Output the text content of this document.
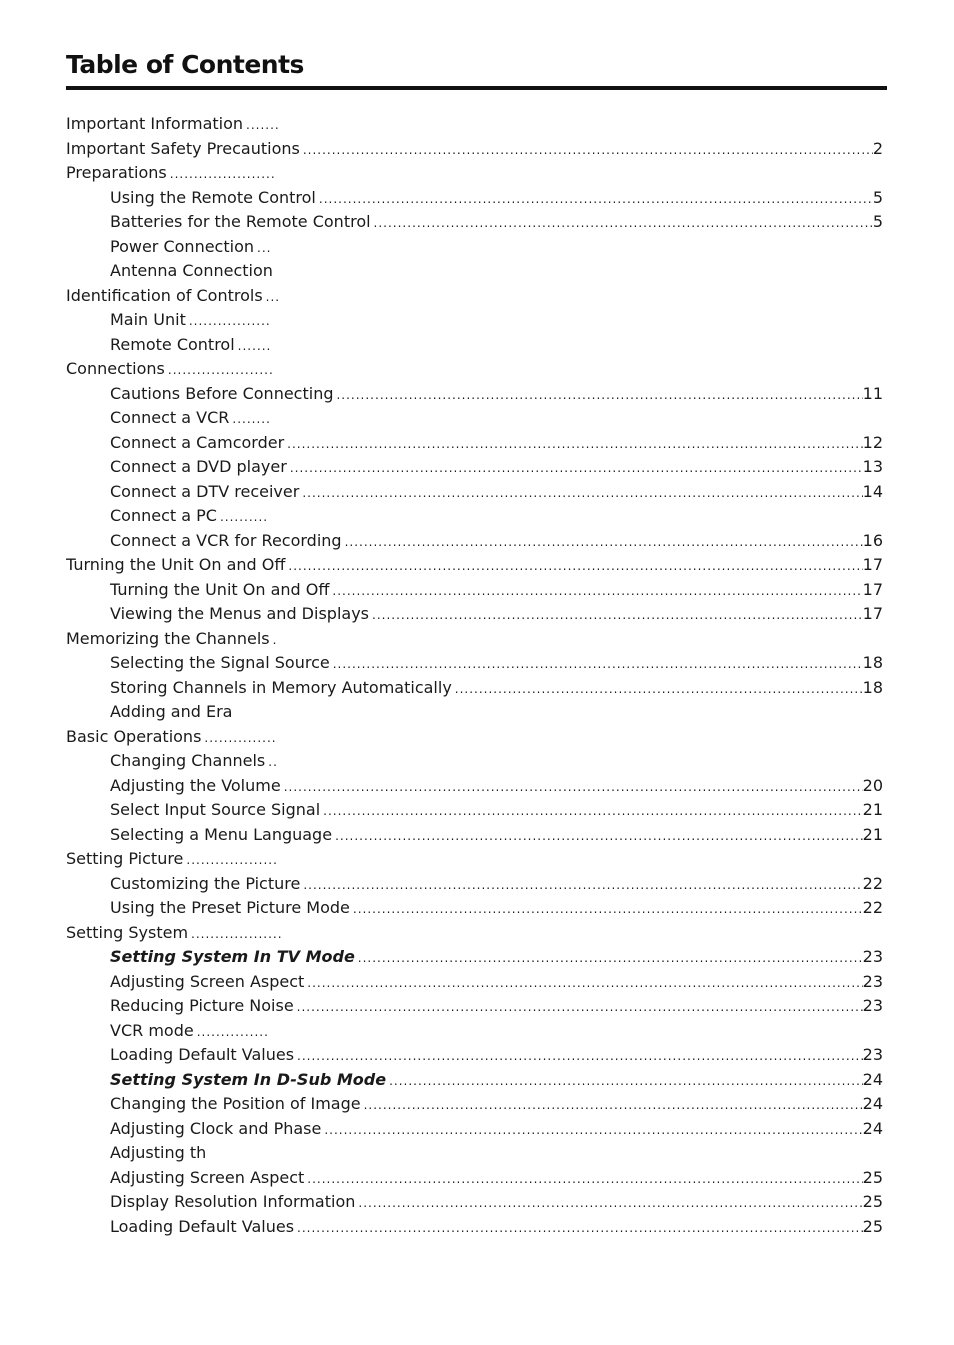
Table of Contents
Important Information .......
Important Safety Precautions .....	2
Preparations ......................
Using the Remote Control .....	5
Batteries for the Remote Control .....	5
Power Connection ...
Antenna Connection
Identification of Controls ...
Main Unit .................
Remote Control .......
Connections ......................
Cautions Before Connecting .....	11
Connect a VCR ........
Connect a Camcorder .....	12
Connect a DVD player .....	13
Connect a DTV receiver .....	14
Connect a PC ..........
Connect a VCR for Recording .....	16
Turning the Unit On and Off .....	17
Turning the Unit On and Off .....	17
Viewing the Menus and Displays .....	17
Memorizing the Channels .
Selecting the Signal Source .....	18
Storing Channels in Memory Automatically .....	18
Adding and Era
Basic Operations ...............
Changing Channels ..
Adjusting the Volume .....	20
Select Input Source Signal .....	21
Selecting a Menu Language .....	21
Setting Picture ...................
Customizing the Picture .....	22
Using the Preset Picture Mode .....	22
Setting System ...................
Setting System In TV Mode .....	23
Adjusting Screen Aspect .....	23
Reducing Picture Noise .....	23
VCR mode ...............
Loading Default Values .....	23
Setting System In D-Sub Mode .....	24
Changing the Position of Image .....	24
Adjusting Clock and Phase .....	24
Adjusting th
Adjusting Screen Aspect .....	25
Display Resolution Information .....	25
Loading Default Values .....	25
